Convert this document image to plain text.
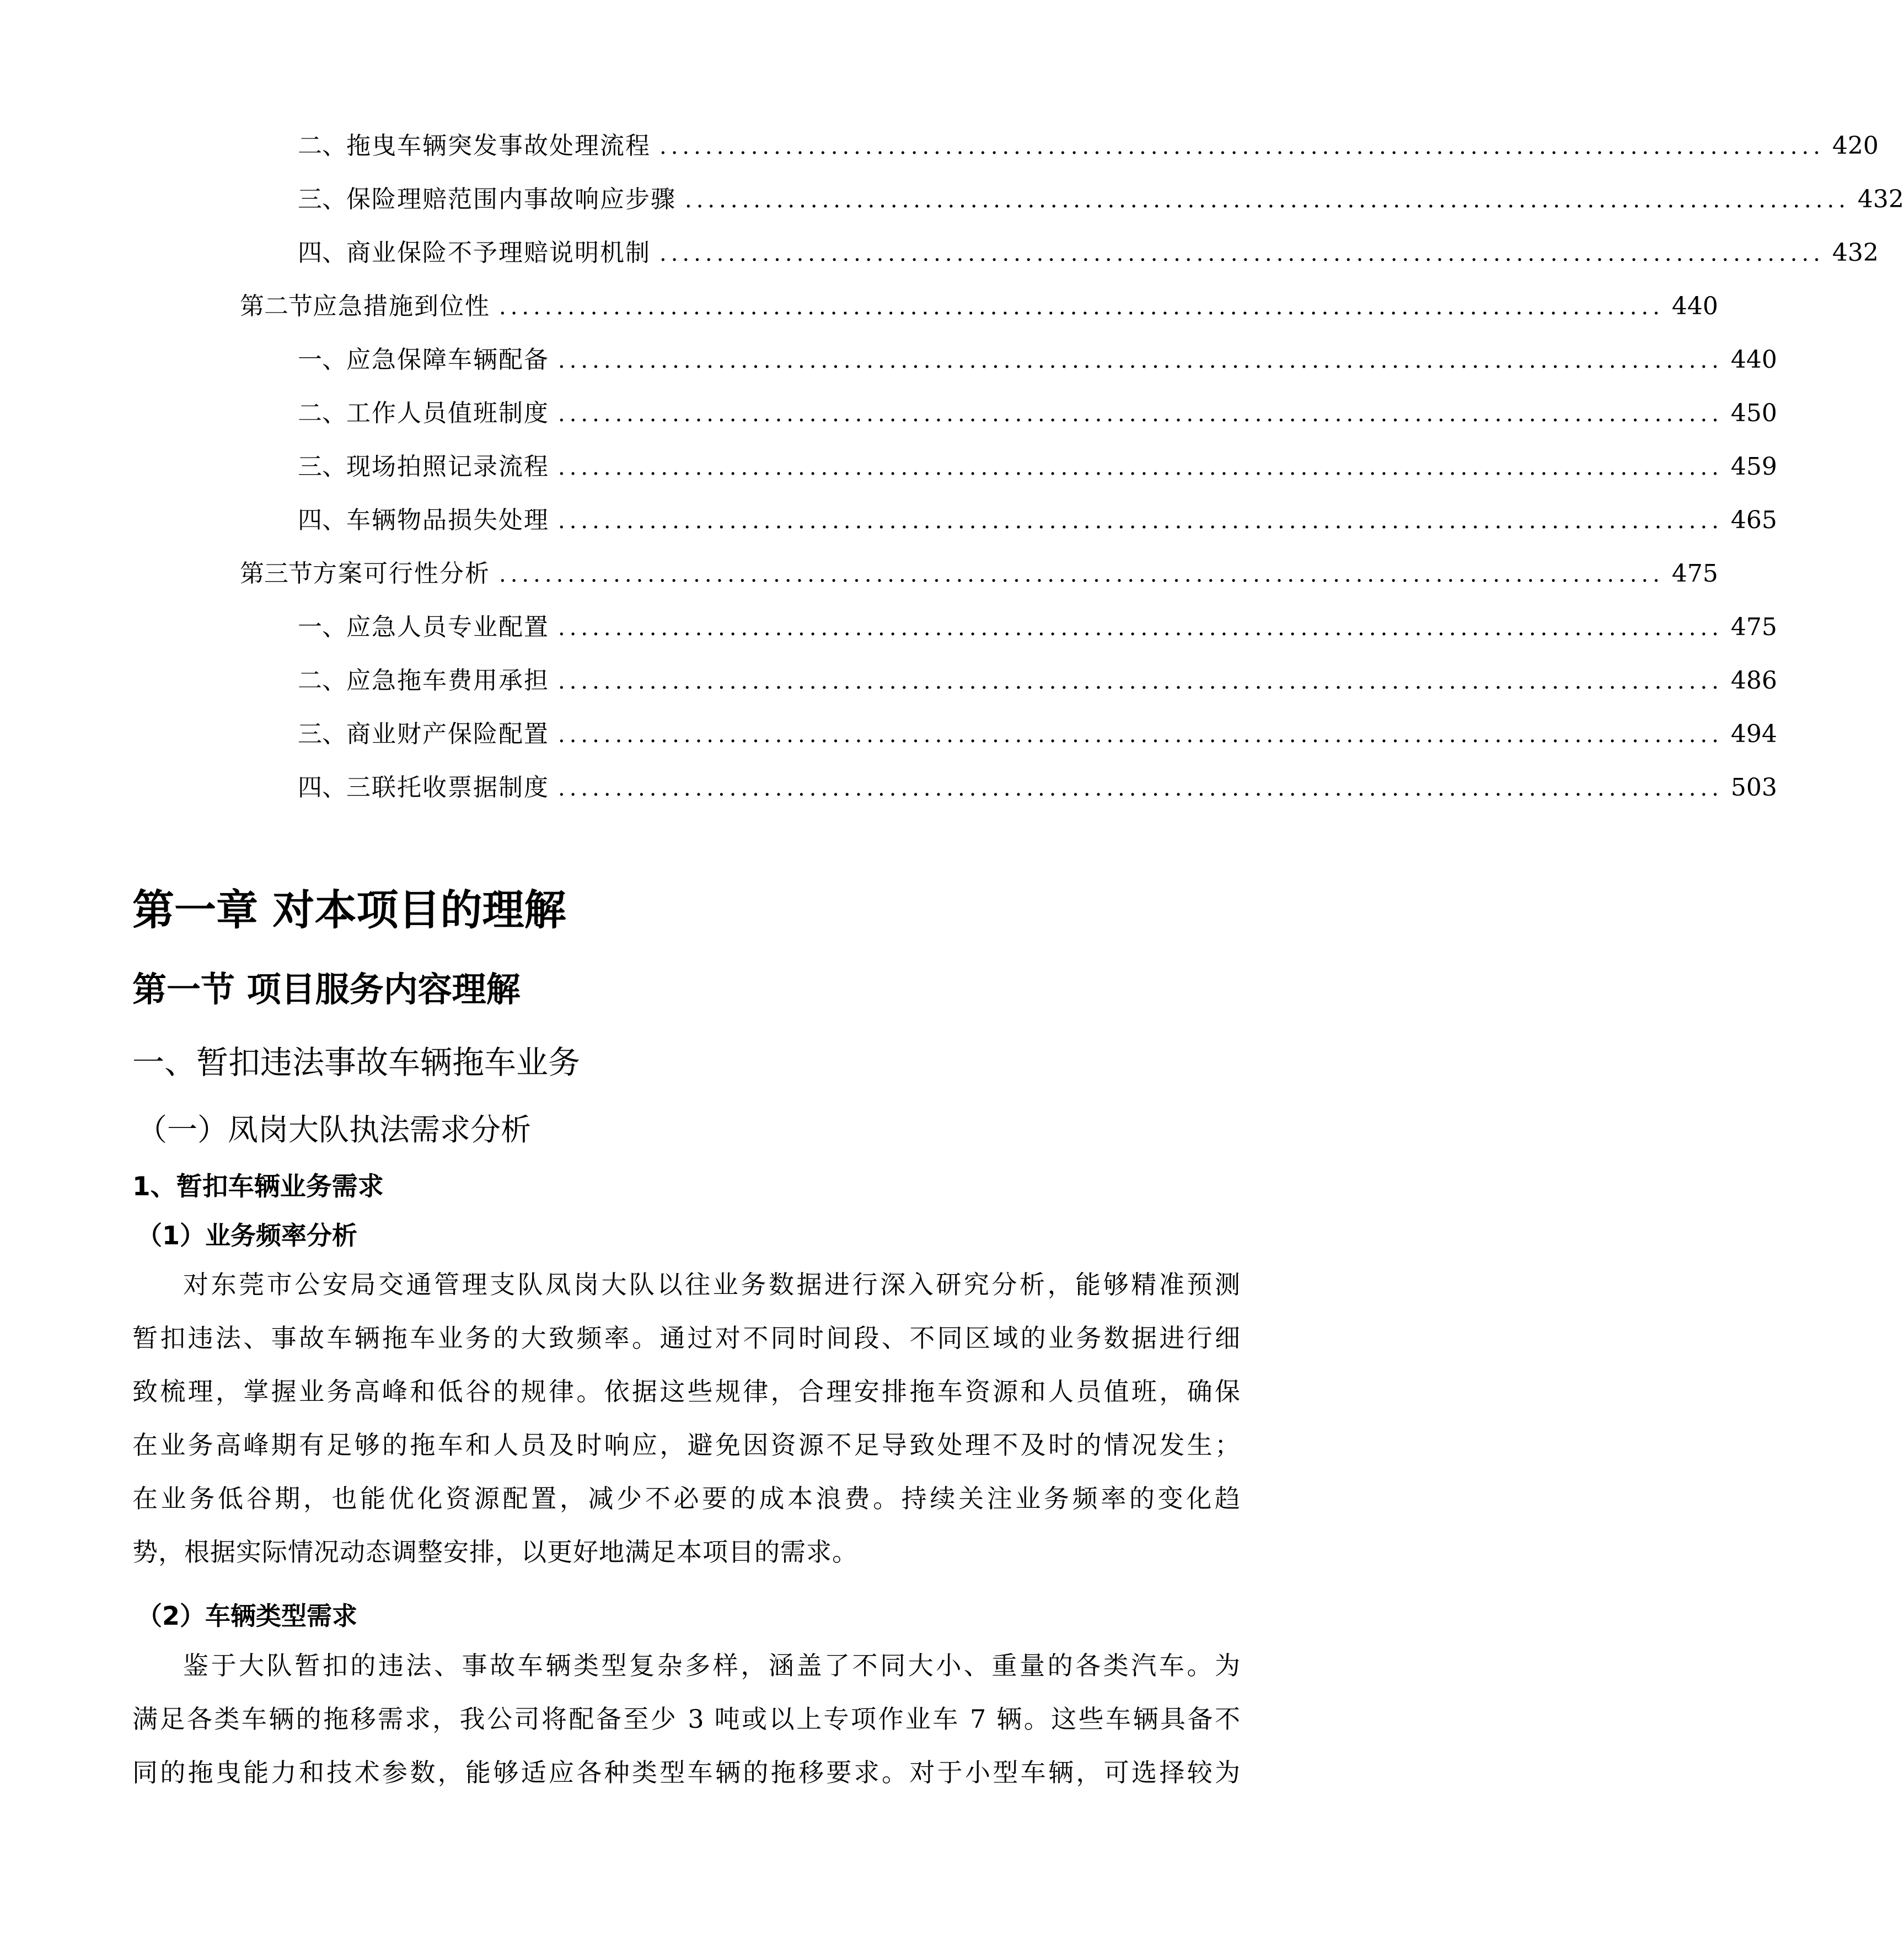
二、 拖曳车辆突发事故处理流程 ...................................................................................................... 420
三、 保险理赔范围内事故响应步骤 ...................................................................................................... 432
四、 商业保险不予理赔说明机制 ...................................................................................................... 432
第二节 应急措施到位性 ...................................................................................................... 440
一、 应急保障车辆配备 ...................................................................................................... 440
二、 工作人员值班制度 ...................................................................................................... 450
三、 现场拍照记录流程 ...................................................................................................... 459
四、 车辆物品损失处理 ...................................................................................................... 465
第三节 方案可行性分析 ...................................................................................................... 475
一、 应急人员专业配置 ...................................................................................................... 475
二、 应急拖车费用承担 ...................................................................................................... 486
三、 商业财产保险配置 ...................................................................................................... 494
四、 三联托收票据制度 ...................................................................................................... 503
第一章 对本项目的理解
第一节 项目服务内容理解
一、暂扣违法事故车辆拖车业务
（一）凤岗大队执法需求分析
1、暂扣车辆业务需求
（1）业务频率分析
对东莞市公安局交通管理支队凤岗大队以往业务数据进行深入研究分析，能够精准预测
暂扣违法、事故车辆拖车业务的大致频率。通过对不同时间段、不同区域的业务数据进行细
致梳理，掌握业务高峰和低谷的规律。依据这些规律，合理安排拖车资源和人员值班，确保
在业务高峰期有足够的拖车和人员及时响应，避免因资源不足导致处理不及时的情况发生；
在业务低谷期，也能优化资源配置，减少不必要的成本浪费。持续关注业务频率的变化趋
势，根据实际情况动态调整安排，以更好地满足本项目的需求。
（2）车辆类型需求
鉴于大队暂扣的违法、事故车辆类型复杂多样，涵盖了不同大小、重量的各类汽车。为
满足各类车辆的拖移需求，我公司将配备至少 3 吨或以上专项作业车 7 辆。这些车辆具备不
同的拖曳能力和技术参数，能够适应各种类型车辆的拖移要求。对于小型车辆，可选择较为
